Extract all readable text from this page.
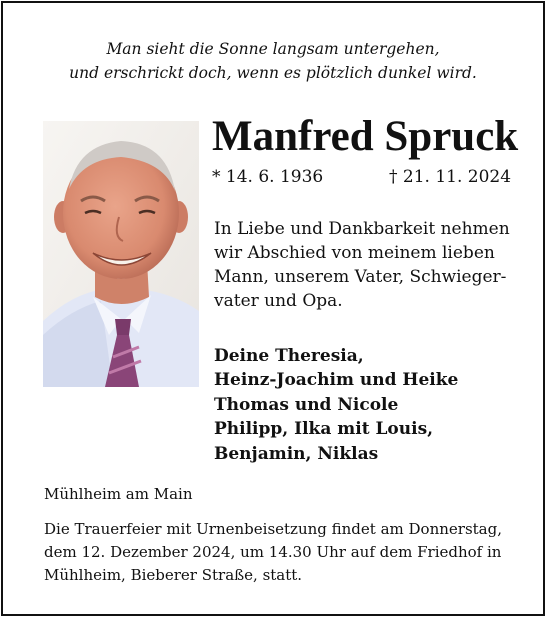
Man sieht die Sonne langsam untergehen,
und erschrickt doch, wenn es plötzlich dunkel wird.
Manfred Spruck
* 14. 6. 1936	† 21. 11. 2024
In Liebe und Dankbarkeit nehmen
wir Abschied von meinem lieben
Mann, unserem Vater, Schwieger-
vater und Opa.
Deine Theresia,
Heinz-Joachim und Heike
Thomas und Nicole
Philipp, Ilka mit Louis,
Benjamin, Niklas
Mühlheim am Main
Die Trauerfeier mit Urnenbeisetzung findet am Donnerstag,
dem 12. Dezember 2024, um 14.30 Uhr auf dem Friedhof in
Mühlheim, Bieberer Straße, statt.
